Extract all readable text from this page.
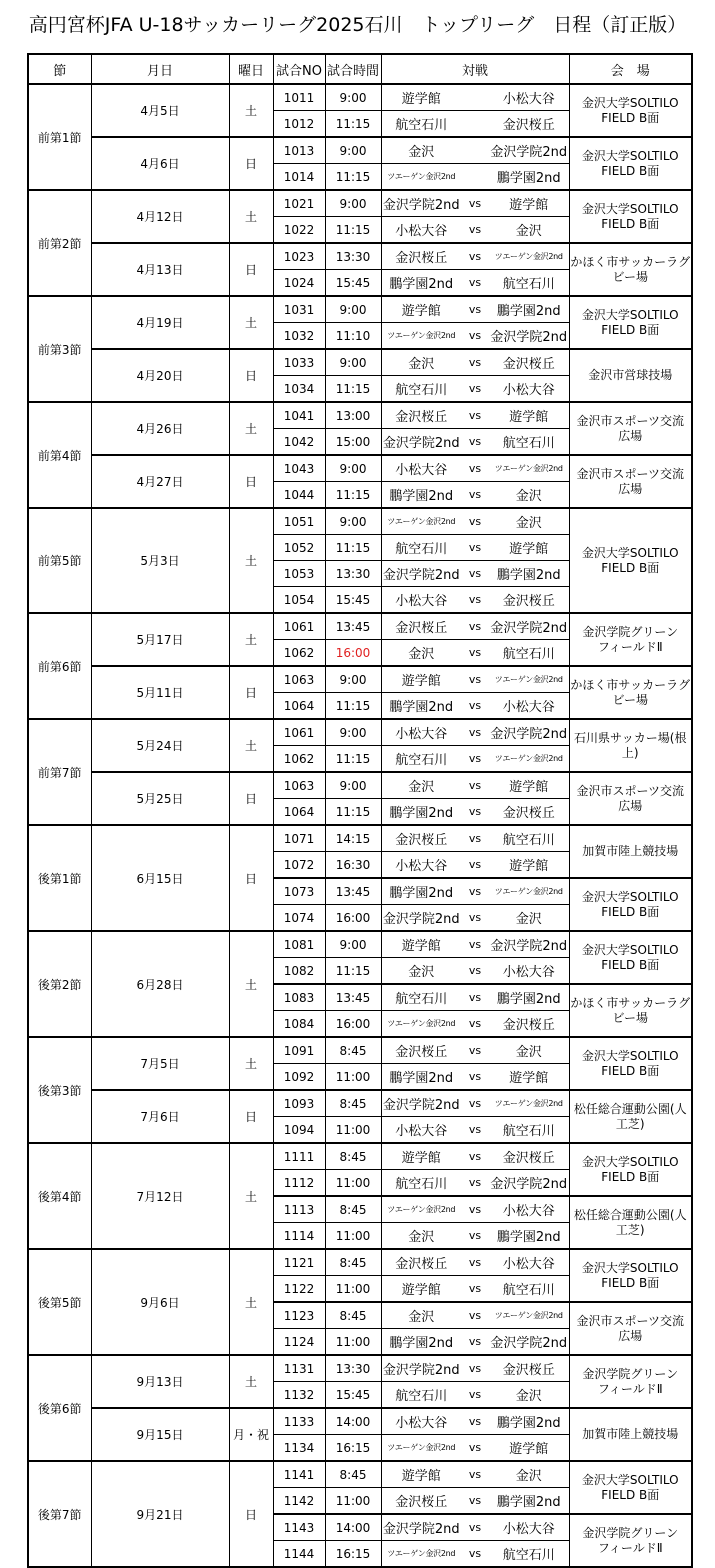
高円宮杯JFA U-18サッカーリーグ2025石川　トップリーグ　日程（訂正版）
節	月日	曜日	試合NO	試合時間	対戦	会　場
前第1節	4月5日	土	1011	9:00	遊学館 小松大谷	金沢大学SOLTILO
FIELD B面

			1012	11:15	航空石川 金沢桜丘	

	4月6日	日	1013	9:00	金沢 金沢学院2nd	金沢大学SOLTILO
FIELD B面

			1014	11:15	ツエーゲン金沢2nd 鵬学園2nd	

前第2節	4月12日	土	1021	9:00	金沢学院2nd vs 遊学館	金沢大学SOLTILO
FIELD B面

			1022	11:15	小松大谷 vs 金沢	

	4月13日	日	1023	13:30	金沢桜丘 vs ツエーゲン金沢2nd	かほく市サッカーラグ
ビー場

			1024	15:45	鵬学園2nd vs 航空石川	

前第3節	4月19日	土	1031	9:00	遊学館 vs 鵬学園2nd	金沢大学SOLTILO
FIELD B面

			1032	11:10	ツエーゲン金沢2nd vs 金沢学院2nd	

	4月20日	日	1033	9:00	金沢 vs 金沢桜丘	金沢市営球技場

			1034	11:15	航空石川 vs 小松大谷	

前第4節	4月26日	土	1041	13:00	金沢桜丘 vs 遊学館	金沢市スポーツ交流
広場

			1042	15:00	金沢学院2nd vs 航空石川	

	4月27日	日	1043	9:00	小松大谷 vs ツエーゲン金沢2nd	金沢市スポーツ交流
広場

			1044	11:15	鵬学園2nd vs 金沢	

前第5節	5月3日	土	1051	9:00	ツエーゲン金沢2nd vs 金沢	金沢大学SOLTILO
FIELD B面

			1052	11:15	航空石川 vs 遊学館	

			1053	13:30	金沢学院2nd vs 鵬学園2nd	

			1054	15:45	小松大谷 vs 金沢桜丘	

前第6節	5月17日	土	1061	13:45	金沢桜丘 vs 金沢学院2nd	金沢学院グリーン
フィールドⅡ

			1062	16:00	金沢 vs 航空石川	

	5月11日	日	1063	9:00	遊学館 vs ツエーゲン金沢2nd	かほく市サッカーラグ
ビー場

			1064	11:15	鵬学園2nd vs 小松大谷	

前第7節	5月24日	土	1061	9:00	小松大谷 vs 金沢学院2nd	石川県サッカー場(根
上)

			1062	11:15	航空石川 vs ツエーゲン金沢2nd	

	5月25日	日	1063	9:00	金沢 vs 遊学館	金沢市スポーツ交流
広場

			1064	11:15	鵬学園2nd vs 金沢桜丘	

後第1節	6月15日	日	1071	14:15	金沢桜丘 vs 航空石川	加賀市陸上競技場

			1072	16:30	小松大谷 vs 遊学館	

			1073	13:45	鵬学園2nd vs ツエーゲン金沢2nd	金沢大学SOLTILO
FIELD B面

			1074	16:00	金沢学院2nd vs 金沢	

後第2節	6月28日	土	1081	9:00	遊学館 vs 金沢学院2nd	金沢大学SOLTILO
FIELD B面

			1082	11:15	金沢 vs 小松大谷	

			1083	13:45	航空石川 vs 鵬学園2nd	かほく市サッカーラグ
ビー場

			1084	16:00	ツエーゲン金沢2nd vs 金沢桜丘	

後第3節	7月5日	土	1091	8:45	金沢桜丘 vs 金沢	金沢大学SOLTILO
FIELD B面

			1092	11:00	鵬学園2nd vs 遊学館	

	7月6日	日	1093	8:45	金沢学院2nd vs ツエーゲン金沢2nd	松任総合運動公園(人
工芝)

			1094	11:00	小松大谷 vs 航空石川	

後第4節	7月12日	土	1111	8:45	遊学館 vs 金沢桜丘	金沢大学SOLTILO
FIELD B面

			1112	11:00	航空石川 vs 金沢学院2nd	

			1113	8:45	ツエーゲン金沢2nd vs 小松大谷	松任総合運動公園(人
工芝)

			1114	11:00	金沢 vs 鵬学園2nd	

後第5節	9月6日	土	1121	8:45	金沢桜丘 vs 小松大谷	金沢大学SOLTILO
FIELD B面

			1122	11:00	遊学館 vs 航空石川	

			1123	8:45	金沢 vs ツエーゲン金沢2nd	金沢市スポーツ交流
広場

			1124	11:00	鵬学園2nd vs 金沢学院2nd	

後第6節	9月13日	土	1131	13:30	金沢学院2nd vs 金沢桜丘	金沢学院グリーン
フィールドⅡ

			1132	15:45	航空石川 vs 金沢	

	9月15日	月・祝	1133	14:00	小松大谷 vs 鵬学園2nd	加賀市陸上競技場

			1134	16:15	ツエーゲン金沢2nd vs 遊学館	

後第7節	9月21日	日	1141	8:45	遊学館 vs 金沢	金沢大学SOLTILO
FIELD B面

			1142	11:00	金沢桜丘 vs 鵬学園2nd	

			1143	14:00	金沢学院2nd vs 小松大谷	金沢学院グリーン
フィールドⅡ

			1144	16:15	ツエーゲン金沢2nd vs 航空石川	
